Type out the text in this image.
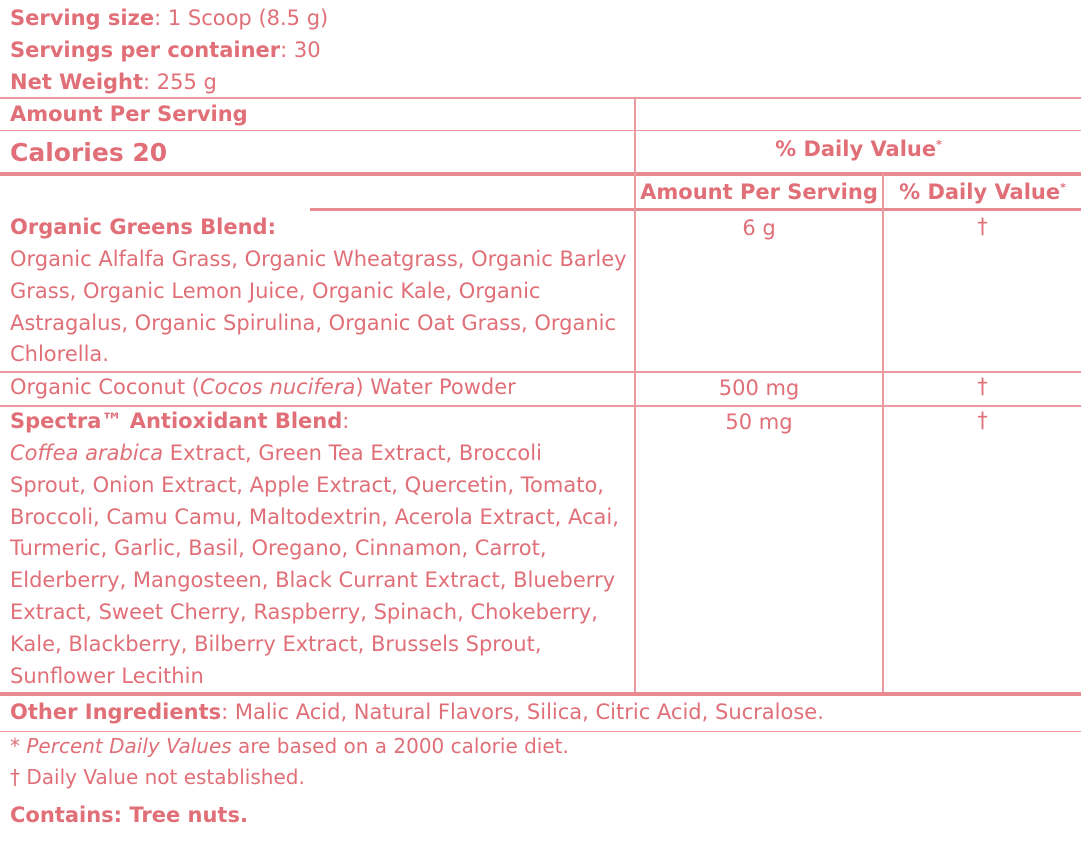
Serving size: 1 Scoop (8.5 g)
Servings per container: 30
Net Weight: 255 g
Amount Per Serving
Calories 20	% Daily Value*
Amount Per Serving	% Daily Value*
Organic Greens Blend:
Organic Alfalfa Grass, Organic Wheatgrass, Organic Barley
Grass, Organic Lemon Juice, Organic Kale, Organic
Astragalus, Organic Spirulina, Organic Oat Grass, Organic
Chlorella.
6 g	†
Organic Coconut (Cocos nucifera) Water Powder	500 mg	†
Spectra™ Antioxidant Blend:
Coffea arabica Extract, Green Tea Extract, Broccoli
Sprout, Onion Extract, Apple Extract, Quercetin, Tomato,
Broccoli, Camu Camu, Maltodextrin, Acerola Extract, Acai,
Turmeric, Garlic, Basil, Oregano, Cinnamon, Carrot,
Elderberry, Mangosteen, Black Currant Extract, Blueberry
Extract, Sweet Cherry, Raspberry, Spinach, Chokeberry,
Kale, Blackberry, Bilberry Extract, Brussels Sprout,
Sunflower Lecithin
50 mg	†
Other Ingredients: Malic Acid, Natural Flavors, Silica, Citric Acid, Sucralose.
* Percent Daily Values are based on a 2000 calorie diet.
† Daily Value not established.
Contains: Tree nuts.
